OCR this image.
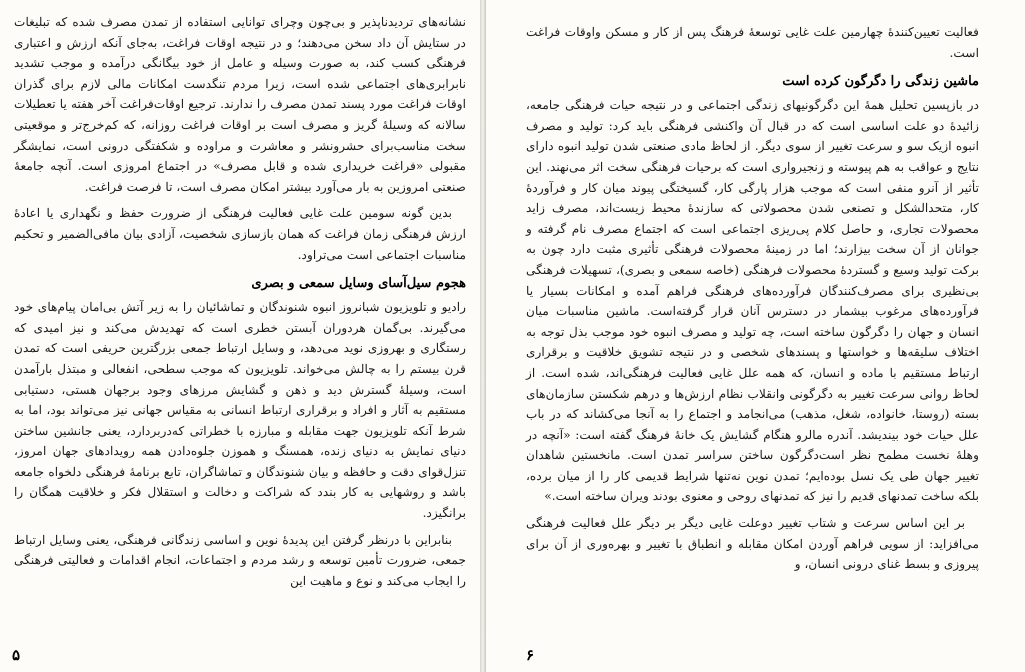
نشانه‌های تردیدناپذیر و بی‌چون وچرای توانایی استفاده از تمدن مصرف شده که تبلیغات در ستایش آن داد سخن می‌دهند؛ و در نتیجه اوقات فراغت، به‌جای آنکه ارزش و اعتباری فرهنگی کسب کند، به صورت وسیله و عامل از خود بیگانگی درآمده و موجب تشدید نابرابری‌های اجتماعی شده است، زیرا مردم تنگدست امکانات مالی لازم برای گذران اوقات فراغت مورد پسند تمدن مصرف را ندارند. ترجیع اوقات‌فراغت آخر هفته یا تعطیلات سالانه که وسیلهٔ گریز و مصرف است بر اوقات فراغت روزانه، که کم‌خرج‌تر و موقعیتی سخت مناسب‌برای حشرونشر و معاشرت و مراوده و شکفتگی درونی است، نمایشگر مقبولی «فراغت خریداری شده و قابل مصرف» در اجتماع امروزی است. آنچه جامعهٔ صنعتی امروزین به بار می‌آورد بیشتر امکان مصرف است، تا فرصت فراغت.

بدین گونه سومین علت غایی فعالیت فرهنگی از ضرورت حفظ و نگهداری یا اعادهٔ ارزش فرهنگی زمان فراغت که همان بازسازی شخصیت، آزادی بیان مافی‌الضمیر و تحکیم مناسبات اجتماعی است می‌تراود.

هجوم سیل‌آسای وسایل سمعی و بصری

رادیو و تلویزیون شبانروز انبوه شنوندگان و تماشائیان را به زیر آتش بی‌امان پیام‌های خود می‌گیرند. بی‌گمان هردوران آبستن خطری است که تهدیدش می‌کند و نیز امیدی که رستگاری و بهروزی نوید می‌دهد، و وسایل ارتباط جمعی بزرگترین حریفی است که تمدن قرن بیستم را به چالش می‌خواند. تلویزیون که موجب سطحی، انفعالی و مبتذل بارآمدن است، وسیلهٔ گسترش دید و ذهن و گشایش مرزهای وجود برجهان هستی، دستیابی مستقیم به آثار و افراد و برقراری ارتباط انسانی به مقیاس جهانی نیز می‌تواند بود، اما به شرط آنکه تلویزیون جهت مقابله و مبارزه با خطراتی که‌دربردارد، یعنی جانشین ساختن دنیای نمایش به دنیای زنده، همسنگ و هموزن جلوه‌دادن همه رویدادهای جهان امروز، تنزل‌قوای دقت و حافظه و بیان شنوندگان و تماشاگران، تابع برنامهٔ فرهنگی دلخواه جامعه باشد و روشهایی به کار بندد که شراکت و دخالت و استقلال فکر و خلاقیت همگان را برانگیزد.

بنابراین با درنظر گرفتن این پدیدهٔ نوین و اساسی زندگانی فرهنگی، یعنی وسایل ارتباط جمعی، ضرورت تأمین توسعه و رشد مردم و اجتماعات، انجام اقدامات و فعالیتی فرهنگی را ایجاب می‌کند و نوع و ماهیت این

۵

فعالیت تعیین‌کنندهٔ چهارمین علت غایی توسعهٔ فرهنگ پس از کار و مسکن واوقات فراغت است.

ماشین زندگی را دگرگون کرده است

در بازپسین تحلیل همهٔ این دگرگونیهای زندگی اجتماعی و در نتیجه حیات فرهنگی جامعه، زائیدهٔ دو علت اساسی است که در قبال آن واکنشی فرهنگی باید کرد: تولید و مصرف انبوه ازیک سو و سرعت تغییر از سوی دیگر. از لحاظ مادی صنعتی شدن تولید انبوه دارای نتایج و عواقب به هم پیوسته و زنجیرواری است که برحیات فرهنگی سخت اثر می‌نهند. این تأثیر از آنرو منفی است که موجب هزار پارگی کار، گسیختگی پیوند میان کار و فرآوردهٔ کار، متحدالشکل و تصنعی شدن محصولاتی که سازندهٔ محیط زیست‌اند، مصرف زاید محصولات تجاری، و حاصل کلام پی‌ریزی اجتماعی است که اجتماع مصرف نام گرفته و جوانان از آن سخت بیزارند؛ اما در زمینهٔ محصولات فرهنگی تأثیری مثبت دارد چون به برکت تولید وسیع و گستردهٔ محصولات فرهنگی (خاصه سمعی و بصری)، تسهیلات فرهنگی بی‌نظیری برای مصرف‌کنندگان فرآورده‌های فرهنگی فراهم آمده و امکانات بسیار یا فرآورده‌های مرغوب بیشمار در دسترس آنان قرار گرفته‌است. ماشین مناسبات میان انسان و جهان را دگرگون ساخته است، چه تولید و مصرف انبوه خود موجب بذل توجه به اختلاف سلیقه‌ها و خواستها و پسندهای شخصی و در نتیجه تشویق خلاقیت و برقراری ارتباط مستقیم با ماده و انسان، که همه علل غایی فعالیت فرهنگی‌اند، شده است. از لحاظ روانی سرعت تغییر به دگرگونی وانقلاب نظام ارزش‌ها و درهم شکستن سازمان‌های بسته (روستا، خانواده، شغل، مذهب) می‌انجامد و اجتماع را به آنجا می‌کشاند که در باب علل حیات خود بیندیشد. آندره مالرو هنگام گشایش یک خانهٔ فرهنگ گفته است: «آنچه در وهلهٔ نخست مطمح نظر است‌دگرگون ساختن سراسر تمدن است. مانخستین شاهدان تغییر جهان طی یک نسل بوده‌ایم؛ تمدن نوین نه‌تنها شرایط قدیمی کار را از میان برده، بلکه ساخت تمدنهای قدیم را نیز که تمدنهای روحی و معنوی بودند ویران ساخته است.»

بر این اساس سرعت و شتاب تغییر دوعلت غایی دیگر بر دیگر علل فعالیت فرهنگی می‌افزاید: از سویی فراهم آوردن امکان مقابله و انطباق با تغییر و بهره‌وری از آن برای پیروزی و بسط غنای درونی انسان، و

۶
